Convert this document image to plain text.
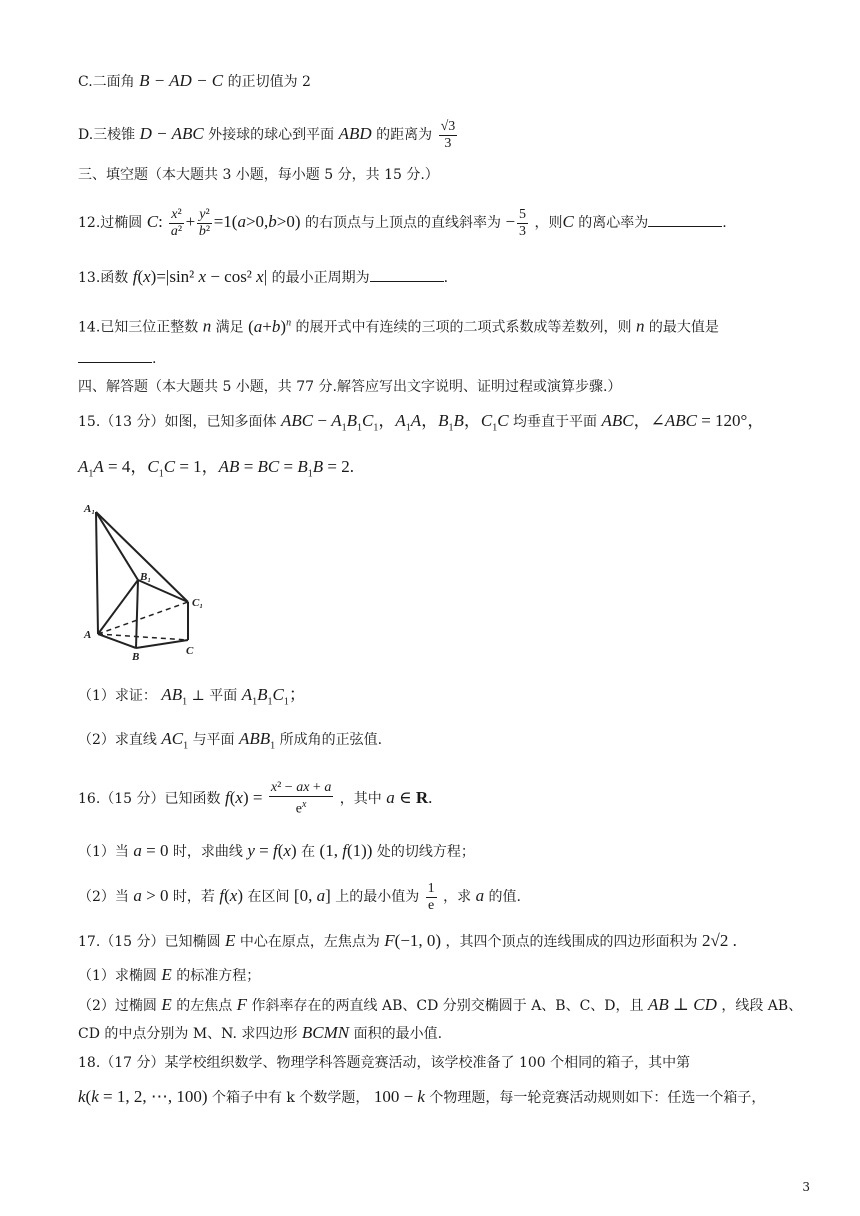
C.二面角 B − AD − C 的正切值为 2
D.三棱锥 D − ABC 外接球的球心到平面 ABD 的距离为 $\frac{√3}{3}$
三、填空题（本大题共 3 小题，每小题 5 分，共 15 分.）
12.过椭圆 C: $\frac{\text{x²}}{\text{a²}} + \frac{\text{y²}}{\text{b²}} =1(a>0,b>0)$ 的右顶点与上顶点的直线斜率为 − $\frac{5}{3}$ ，则C 的离心率为	.
13.函数 f(x)=|sin² x − cos² x| 的最小正周期为	.
14.已知三位正整数 n 满足 $(a+b)^n$ 的展开式中有连续的三项的二项式系数成等差数列，则 n 的最大值是
.
四、解答题（本大题共 5 小题，共 77 分.解答应写出文字说明、证明过程或演算步骤.）
15.（13 分）如图，已知多面体 ABC − $A_1B_1C_1$，$A_1A$，$B_1B$，$C_1C$ 均垂直于平面 ABC，∠ABC = 120°，
$A_1A = 4$，$C_1C = 1$，AB = BC = $B_1B = 2$.
A₁
B₁
C₁
A
B	C
（1）求证： $AB_1$ ⊥ 平面 $A_1B_1C_1$；
（2）求直线 $AC_1$ 与平面 $ABB_1$ 所成角的正弦值.
16.（15 分）已知函数 $f(x) = \frac{\text{x² − ax + a}}{e^x}$ ，其中 a ∈ R.
（1）当 a = 0 时，求曲线 y = f(x) 在 (1, f(1)) 处的切线方程；
（2）当 a > 0 时，若 f(x) 在区间 [0, a] 上的最小值为 $\frac{1}{e}$ ，求 a 的值.
17.（15 分）已知椭圆 E 中心在原点，左焦点为 F(−1, 0) ，其四个顶点的连线围成的四边形面积为 2√2 .
（1）求椭圆 E 的标准方程；
（2）过椭圆 E 的左焦点 F 作斜率存在的两直线 AB、CD 分别交椭圆于 A、B、C、D，且 AB ⊥ CD ，线段 AB、
CD 的中点分别为 M、N. 求四边形 BCMN 面积的最小值.
18.（17 分）某学校组织数学、物理学科答题竞赛活动，该学校准备了 100 个相同的箱子，其中第
k(k = 1, 2, ⋯, 100) 个箱子中有 k 个数学题， 100 − k 个物理题，每一轮竞赛活动规则如下：任选一个箱子，
3
